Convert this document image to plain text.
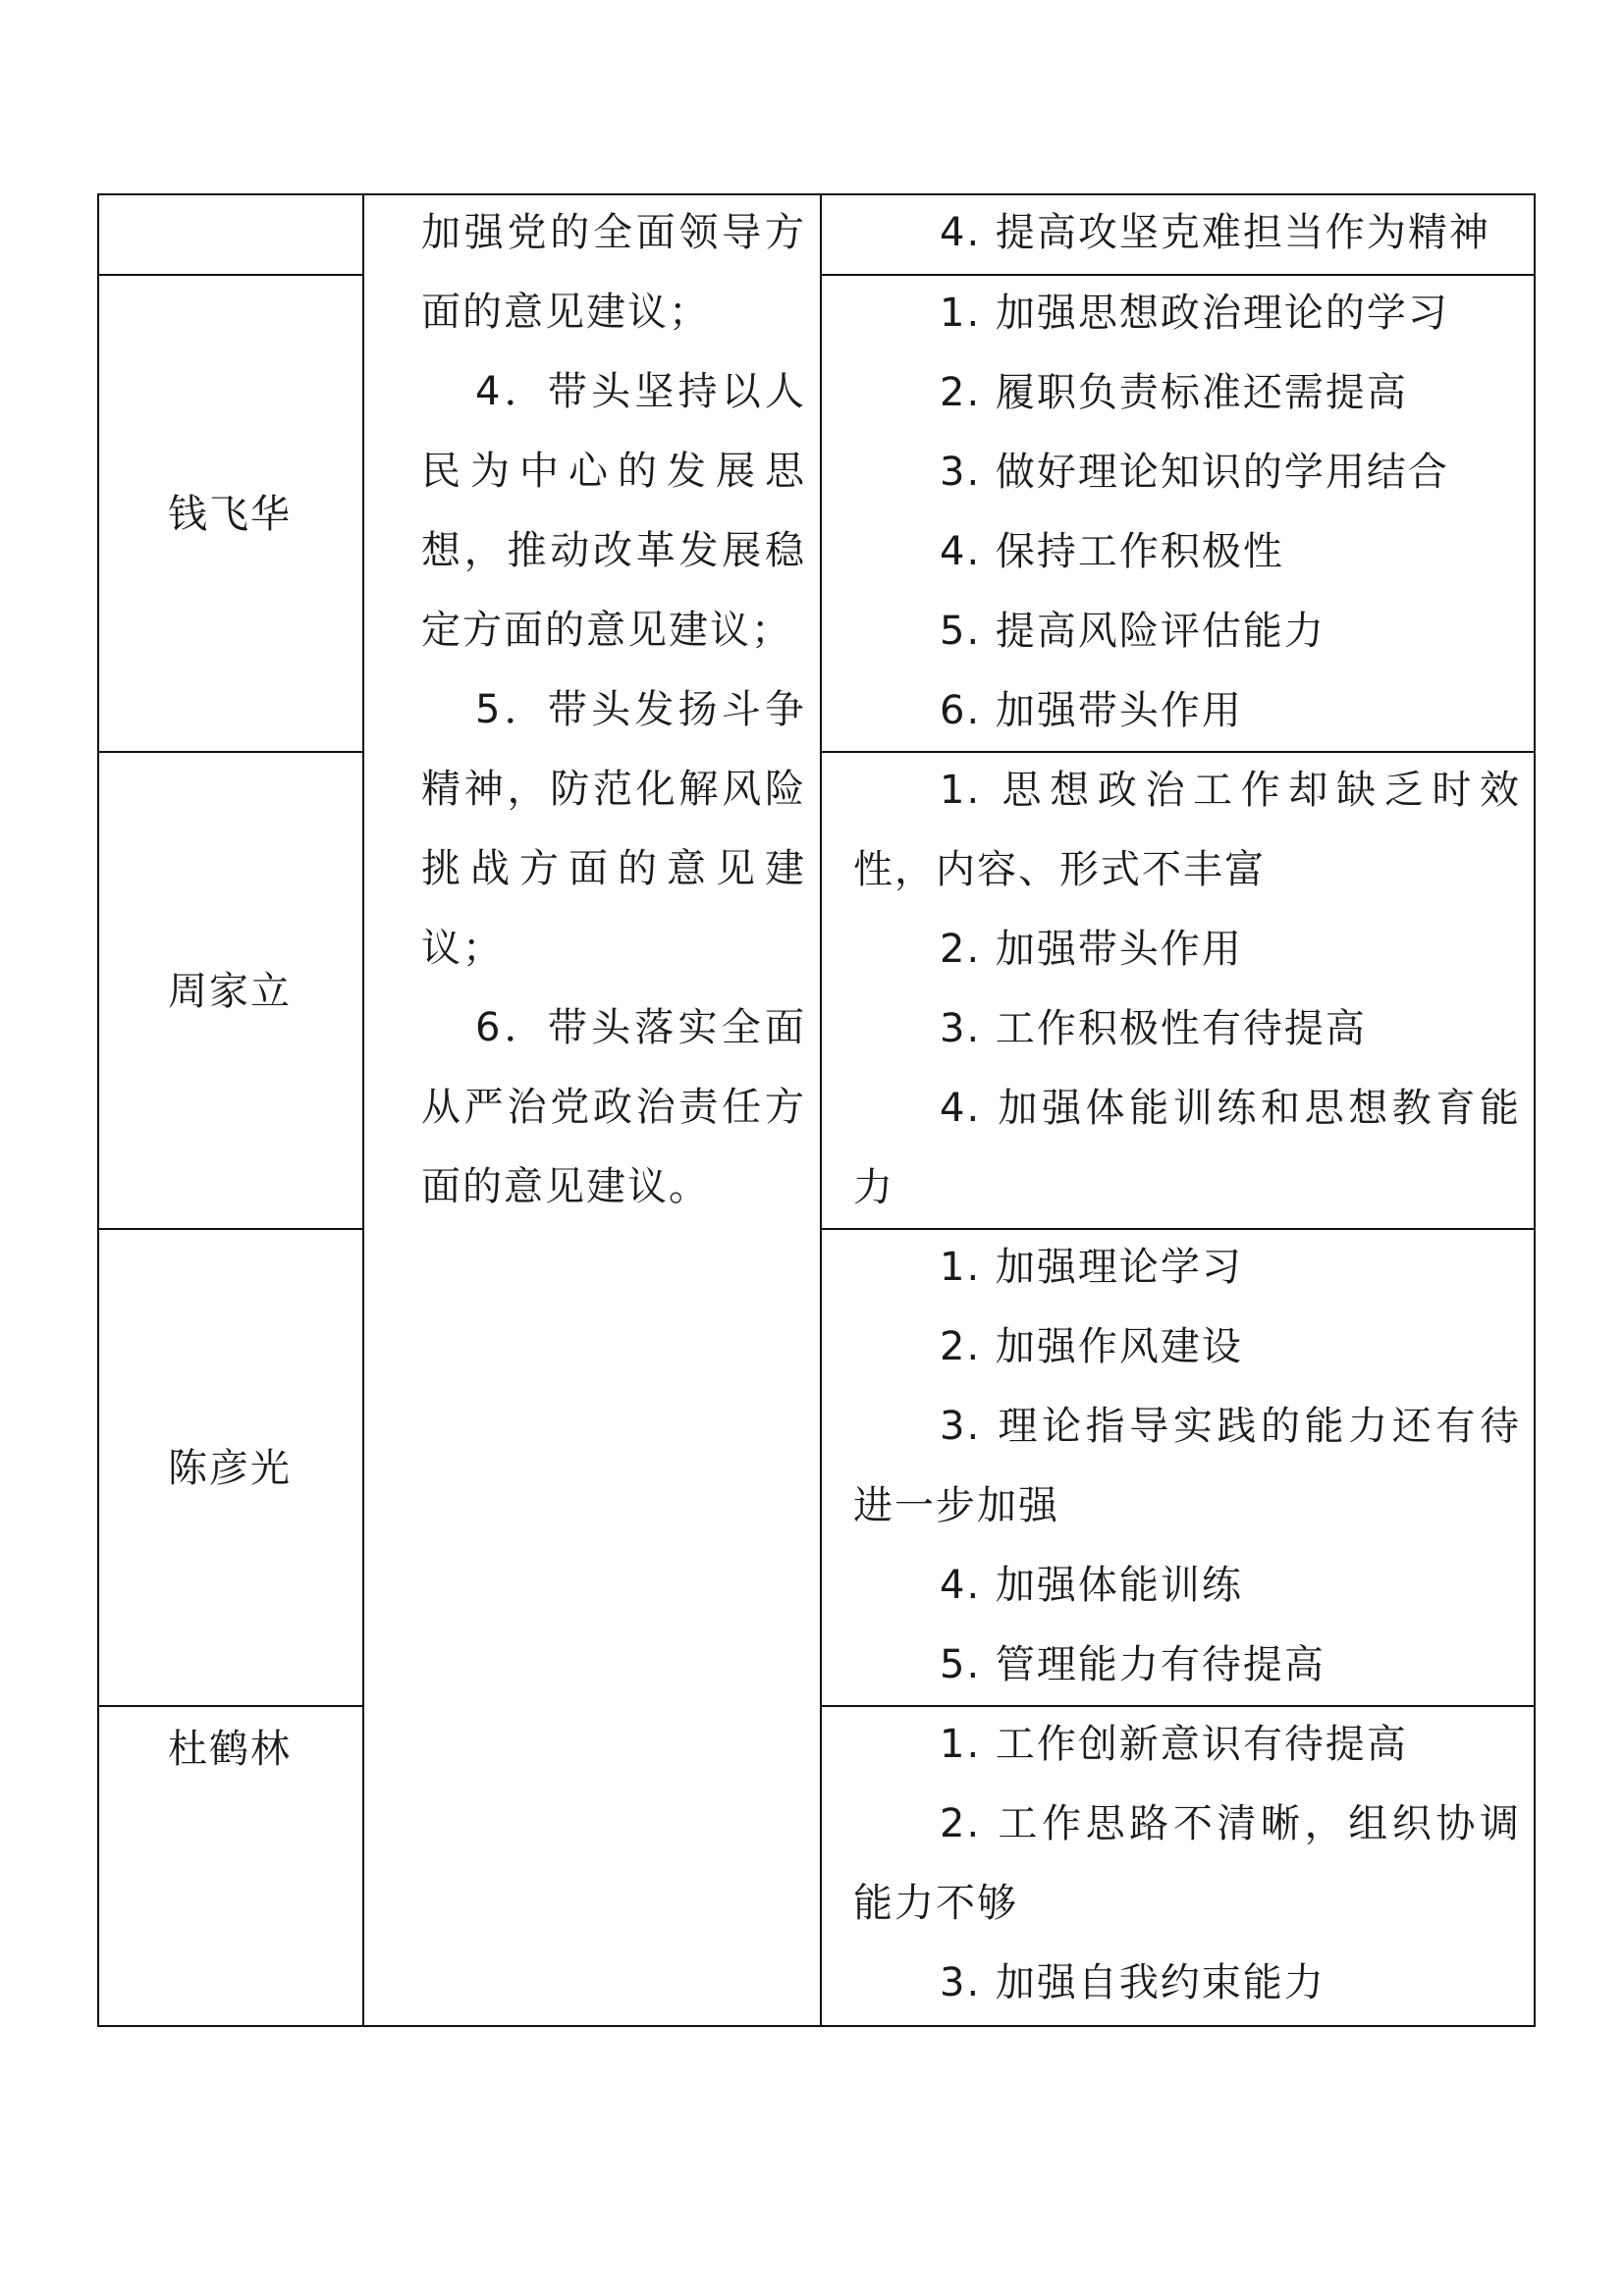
钱飞华
周家立
陈彦光
杜鹤林

加强党的全面领导方面的意见建议；

4．带头坚持以人民为中心的发展思想，推动改革发展稳定方面的意见建议；

5．带头发扬斗争精神，防范化解风险挑战方面的意见建议；

6．带头落实全面从严治党政治责任方面的意见建议。

4. 提高攻坚克难担当作为精神

1. 加强思想政治理论的学习

2. 履职负责标准还需提高

3. 做好理论知识的学用结合

4. 保持工作积极性

5. 提高风险评估能力

6. 加强带头作用

1. 思想政治工作却缺乏时效性，内容、形式不丰富

2. 加强带头作用

3. 工作积极性有待提高

4. 加强体能训练和思想教育能力

1. 加强理论学习

2. 加强作风建设

3. 理论指导实践的能力还有待进一步加强

4. 加强体能训练

5. 管理能力有待提高

1. 工作创新意识有待提高

2. 工作思路不清晰，组织协调能力不够

3. 加强自我约束能力
